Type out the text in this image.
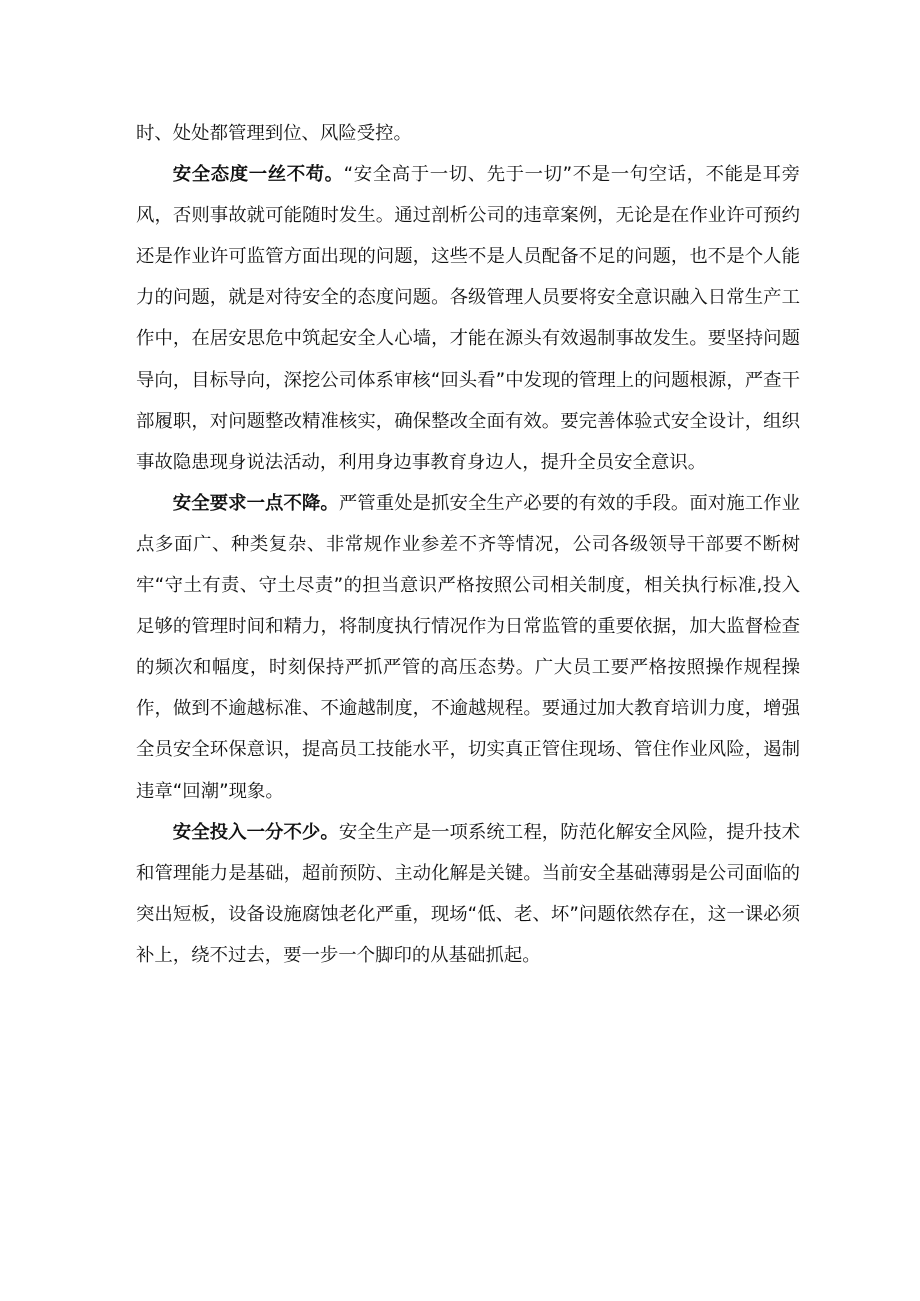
时、处处都管理到位、风险受控。

安全态度一丝不苟。“安全高于一切、先于一切”不是一句空话，不能是耳旁风，否则事故就可能随时发生。通过剖析公司的违章案例，无论是在作业许可预约还是作业许可监管方面出现的问题，这些不是人员配备不足的问题，也不是个人能力的问题，就是对待安全的态度问题。各级管理人员要将安全意识融入日常生产工作中，在居安思危中筑起安全人心墙，才能在源头有效遏制事故发生。要坚持问题导向，目标导向，深挖公司体系审核“回头看”中发现的管理上的问题根源，严查干部履职，对问题整改精准核实，确保整改全面有效。要完善体验式安全设计，组织事故隐患现身说法活动，利用身边事教育身边人，提升全员安全意识。

安全要求一点不降。严管重处是抓安全生产必要的有效的手段。面对施工作业点多面广、种类复杂、非常规作业参差不齐等情况，公司各级领导干部要不断树牢“守土有责、守土尽责”的担当意识严格按照公司相关制度，相关执行标准,投入足够的管理时间和精力，将制度执行情况作为日常监管的重要依据，加大监督检查的频次和幅度，时刻保持严抓严管的高压态势。广大员工要严格按照操作规程操作，做到不逾越标准、不逾越制度，不逾越规程。要通过加大教育培训力度，增强全员安全环保意识，提高员工技能水平，切实真正管住现场、管住作业风险，遏制违章“回潮”现象。

安全投入一分不少。安全生产是一项系统工程，防范化解安全风险，提升技术和管理能力是基础，超前预防、主动化解是关键。当前安全基础薄弱是公司面临的突出短板，设备设施腐蚀老化严重，现场“低、老、坏”问题依然存在，这一课必须补上，绕不过去，要一步一个脚印的从基础抓起。
